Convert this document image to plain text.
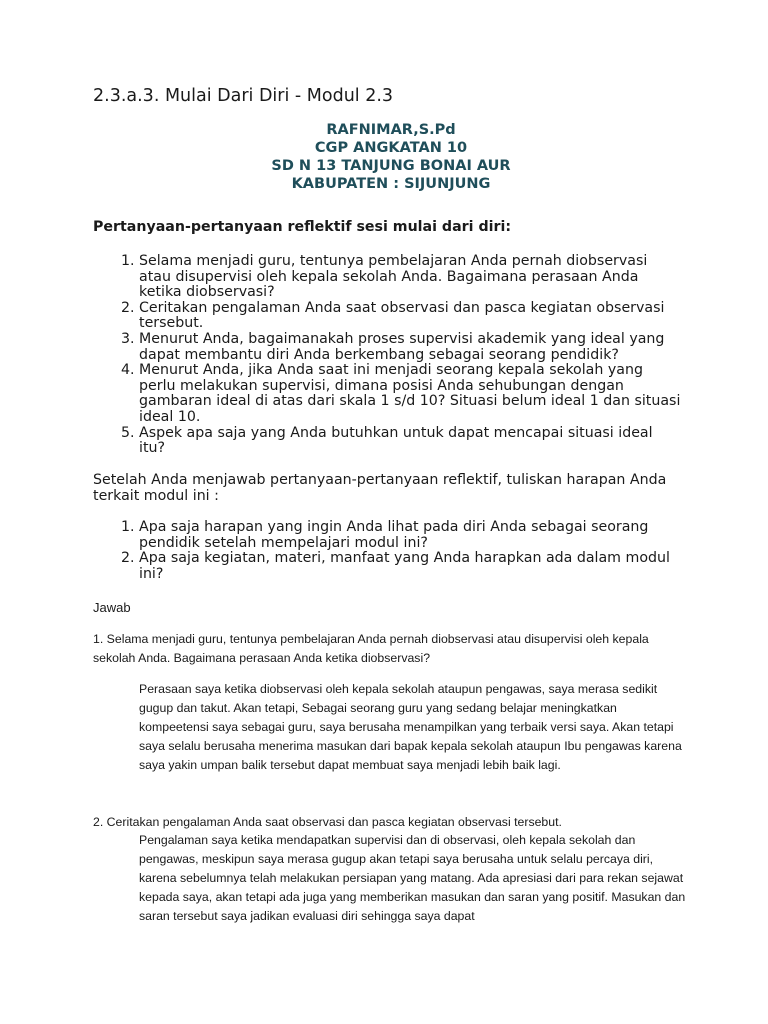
2.3.a.3. Mulai Dari Diri - Modul 2.3
RAFNIMAR,S.Pd
CGP ANGKATAN 10
SD N 13 TANJUNG BONAI AUR
KABUPATEN : SIJUNJUNG

Pertanyaan-pertanyaan reflektif sesi mulai dari diri:

1. Selama menjadi guru, tentunya pembelajaran Anda pernah diobservasi atau disupervisi oleh kepala sekolah Anda. Bagaimana perasaan Anda ketika diobservasi?
2. Ceritakan pengalaman Anda saat observasi dan pasca kegiatan observasi tersebut.
3. Menurut Anda, bagaimanakah proses supervisi akademik yang ideal yang dapat membantu diri Anda berkembang sebagai seorang pendidik?
4. Menurut Anda, jika Anda saat ini menjadi seorang kepala sekolah yang perlu melakukan supervisi, dimana posisi Anda sehubungan dengan gambaran ideal di atas dari skala 1 s/d 10? Situasi belum ideal 1 dan situasi ideal 10.
5. Aspek apa saja yang Anda butuhkan untuk dapat mencapai situasi ideal itu?

Setelah Anda menjawab pertanyaan-pertanyaan reflektif, tuliskan harapan Anda terkait modul ini :

1. Apa saja harapan yang ingin Anda lihat pada diri Anda sebagai seorang pendidik setelah mempelajari modul ini?
2. Apa saja kegiatan, materi, manfaat yang Anda harapkan ada dalam modul ini?

Jawab

1. Selama menjadi guru, tentunya pembelajaran Anda pernah diobservasi atau disupervisi oleh kepala sekolah Anda. Bagaimana perasaan Anda ketika diobservasi?

Perasaan saya ketika diobservasi oleh kepala sekolah ataupun pengawas, saya merasa sedikit gugup dan takut. Akan tetapi, Sebagai seorang guru yang sedang belajar meningkatkan kompeetensi saya sebagai guru, saya berusaha menampilkan yang terbaik versi saya. Akan tetapi saya selalu berusaha menerima masukan dari bapak kepala sekolah ataupun Ibu pengawas karena saya yakin umpan balik tersebut dapat membuat saya menjadi lebih baik lagi.

2. Ceritakan pengalaman Anda saat observasi dan pasca kegiatan observasi tersebut.

Pengalaman saya ketika mendapatkan supervisi dan di observasi, oleh kepala sekolah dan pengawas, meskipun saya merasa gugup akan tetapi saya berusaha untuk selalu percaya diri, karena sebelumnya telah melakukan persiapan yang matang. Ada apresiasi dari para rekan sejawat kepada saya, akan tetapi ada juga yang memberikan masukan dan saran yang positif. Masukan dan saran tersebut saya jadikan evaluasi diri sehingga saya dapat
